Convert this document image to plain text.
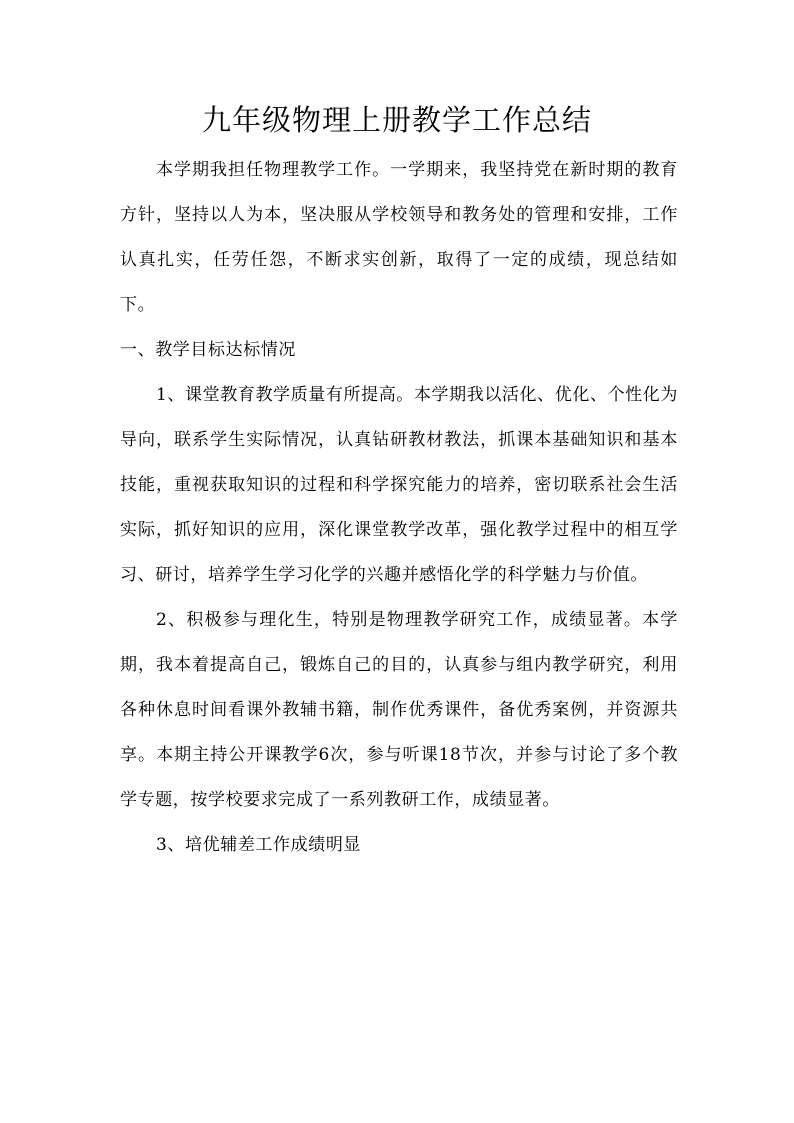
九年级物理上册教学工作总结

本学期我担任物理教学工作。一学期来，我坚持党在新时期的教育方针，坚持以人为本，坚决服从学校领导和教务处的管理和安排，工作认真扎实，任劳任怨，不断求实创新，取得了一定的成绩，现总结如下。

一、教学目标达标情况

1、课堂教育教学质量有所提高。本学期我以活化、优化、个性化为导向，联系学生实际情况，认真钻研教材教法，抓课本基础知识和基本技能，重视获取知识的过程和科学探究能力的培养，密切联系社会生活实际，抓好知识的应用，深化课堂教学改革，强化教学过程中的相互学习、研讨，培养学生学习化学的兴趣并感悟化学的科学魅力与价值。

2、积极参与理化生，特别是物理教学研究工作，成绩显著。本学期，我本着提高自己，锻炼自己的目的，认真参与组内教学研究，利用各种休息时间看课外教辅书籍，制作优秀课件，备优秀案例，并资源共享。本期主持公开课教学6次，参与听课18节次，并参与讨论了多个教学专题，按学校要求完成了一系列教研工作，成绩显著。

3、培优辅差工作成绩明显
